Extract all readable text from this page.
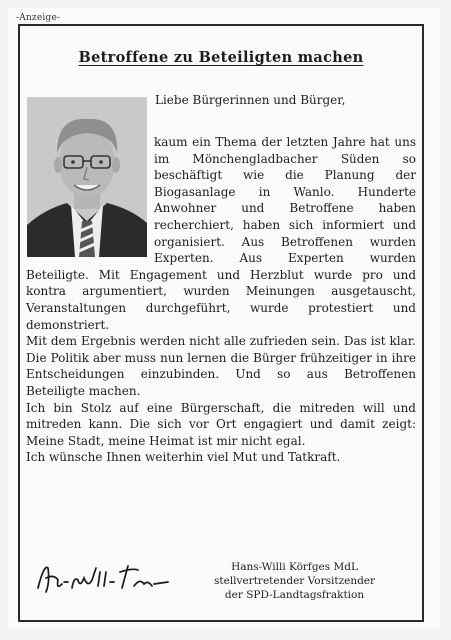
-Anzeige-
Betroffene zu Beteiligten machen
Liebe Bürgerinnen und Bürger,

kaum ein Thema der letzten Jahre hat uns im Mönchengladbacher Süden so beschäftigt wie die Planung der Biogasanlage in Wanlo. Hunderte Anwohner und Betroffene haben recherchiert, haben sich informiert und organisiert. Aus Betroffenen wurden Experten. Aus Experten wurden Beteiligte. Mit Engagement und Herzblut wurde pro und kontra argumentiert, wurden Meinungen ausgetauscht, Veranstaltungen durchgeführt, wurde protestiert und demonstriert.

Mit dem Ergebnis werden nicht alle zufrieden sein. Das ist klar. Die Politik aber muss nun lernen die Bürger frühzeitiger in ihre Entscheidungen einzubinden. Und so aus Betroffenen Beteiligte machen.

Ich bin Stolz auf eine Bürgerschaft, die mitreden will und mitreden kann. Die sich vor Ort engagiert und damit zeigt: Meine Stadt, meine Heimat ist mir nicht egal.

Ich wünsche Ihnen weiterhin viel Mut und Tatkraft.

Hans-Willi Körfges MdL
stellvertretender Vorsitzender
der SPD-Landtagsfraktion
